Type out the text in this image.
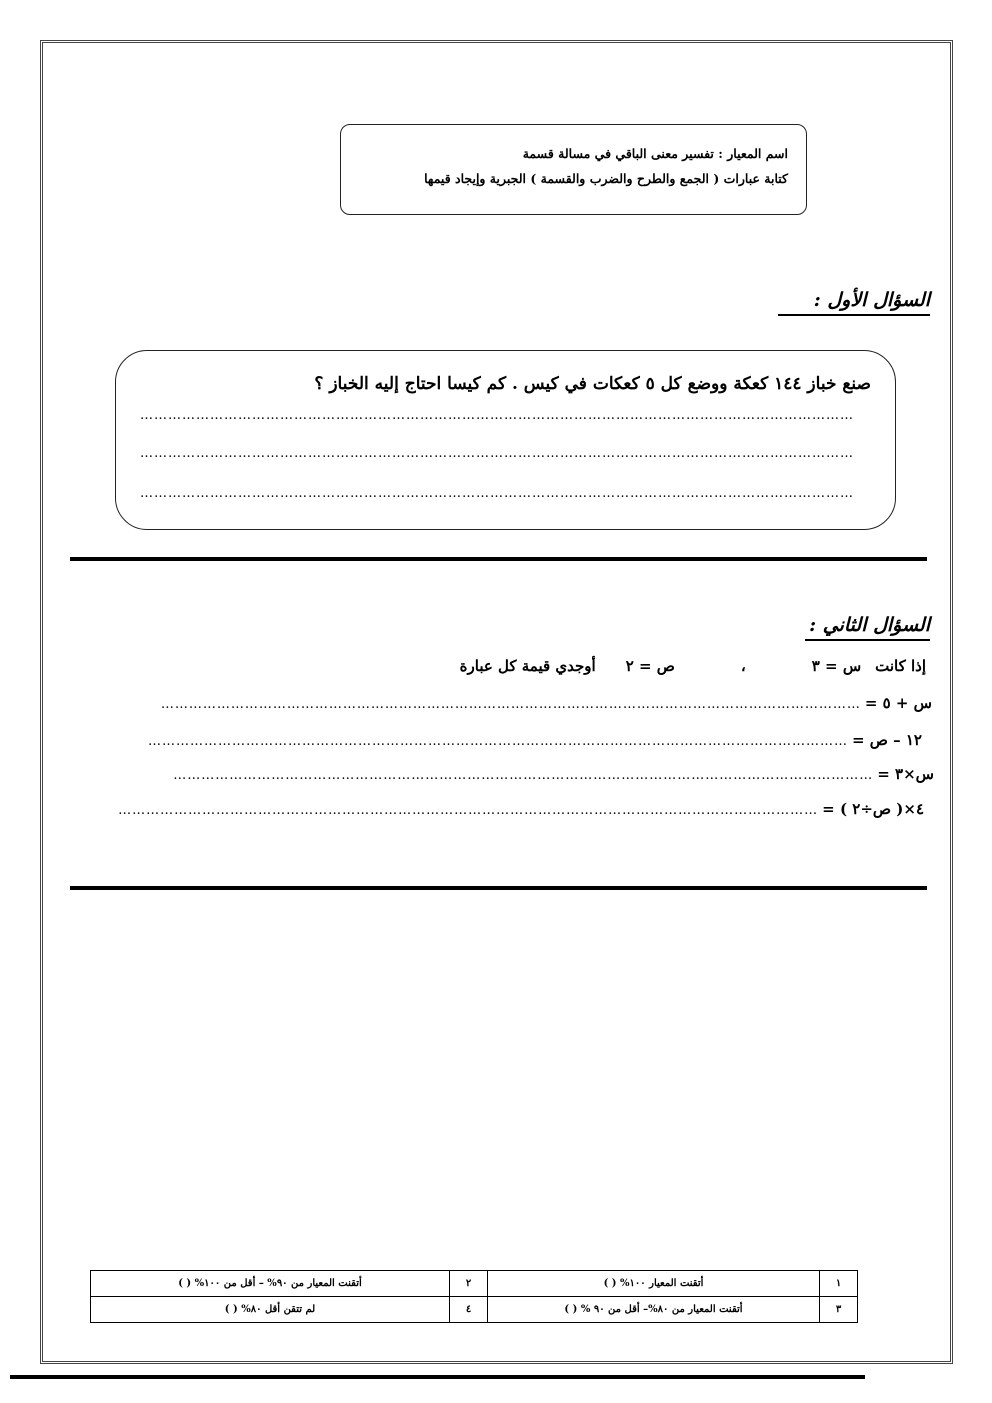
اسم المعيار : تفسير معنى الباقي في مسالة قسمة
كتابة عبارات ( الجمع والطرح والضرب والقسمة ) الجبرية وإيجاد قيمها
السؤال الأول :
صنع خباز ١٤٤ كعكة ووضع كل ٥ كعكات في كيس . كم كيسا احتاج إليه الخباز ؟
………………………………………………………………………………………………………………………………………
………………………………………………………………………………………………………………………………………
………………………………………………………………………………………………………………………………………
السؤال الثاني :
إذا كانتس = ٣،ص = ٢أوجدي قيمة كل عبارة
س + ٥ =
……………………………………………………………………………………………………………………………………
١٢ – ص =
……………………………………………………………………………………………………………………………………
س×٣ =
……………………………………………………………………………………………………………………………………
٤×( ص÷٢ ) =
……………………………………………………………………………………………………………………………………
١	أتقنت المعيار ١٠٠% ( )	٢	أتقنت المعيار من ٩٠% – أقل من ١٠٠% ( )
٣	أتقنت المعيار من ٨٠%– أقل من ٩٠ % ( )	٤	لم تتقن أقل ٨٠% ( )
